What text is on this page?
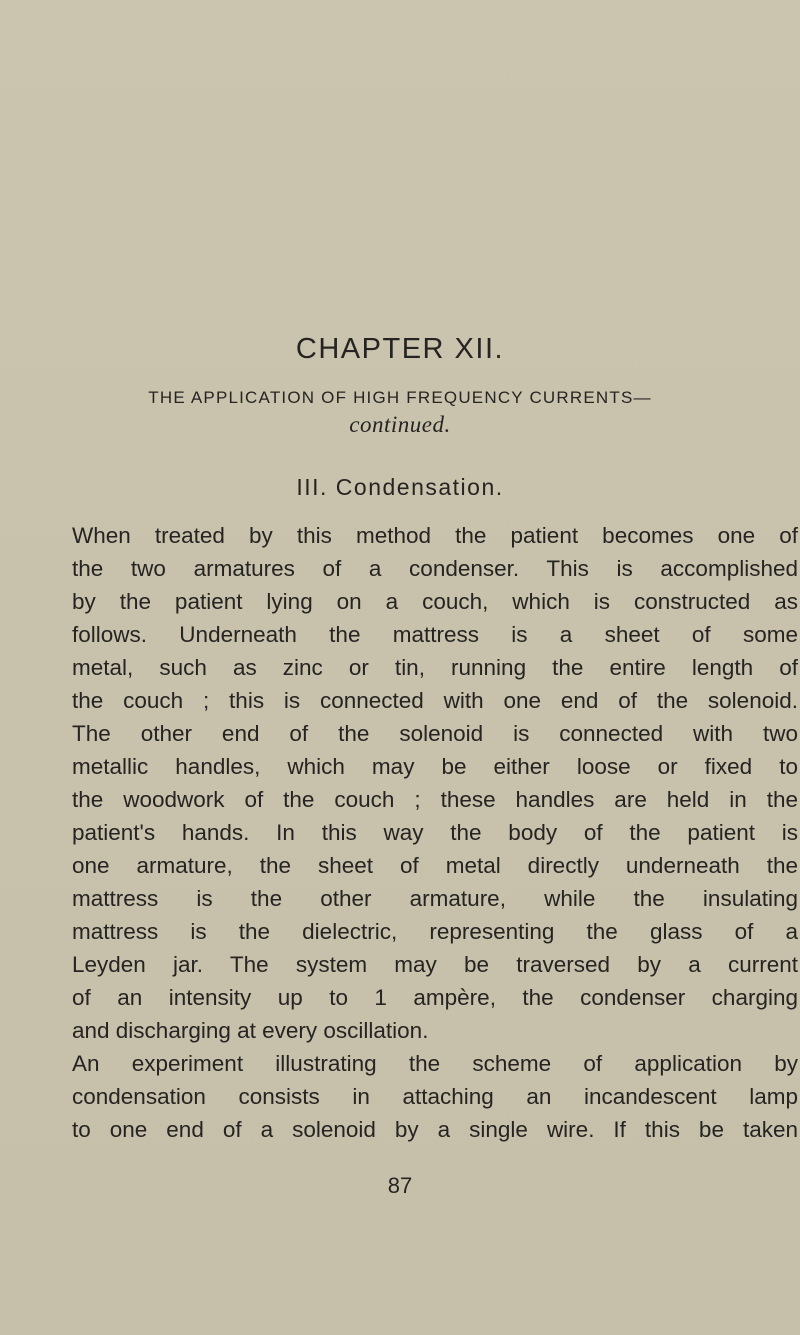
CHAPTER XII.

THE APPLICATION OF HIGH FREQUENCY CURRENTS—

continued.

III. Condensation.
When treated by this method the patient becomes one of
the two armatures of a condenser. This is accomplished
by the patient lying on a couch, which is constructed as
follows. Underneath the mattress is a sheet of some
metal, such as zinc or tin, running the entire length of
the couch ; this is connected with one end of the solenoid.
The other end of the solenoid is connected with two
metallic handles, which may be either loose or fixed to
the woodwork of the couch ; these handles are held in the
patient's hands. In this way the body of the patient is
one armature, the sheet of metal directly underneath the
mattress is the other armature, while the insulating
mattress is the dielectric, representing the glass of a
Leyden jar. The system may be traversed by a current
of an intensity up to 1 ampère, the condenser charging
and discharging at every oscillation.
An experiment illustrating the scheme of application by
condensation consists in attaching an incandescent lamp
to one end of a solenoid by a single wire. If this be taken

87
